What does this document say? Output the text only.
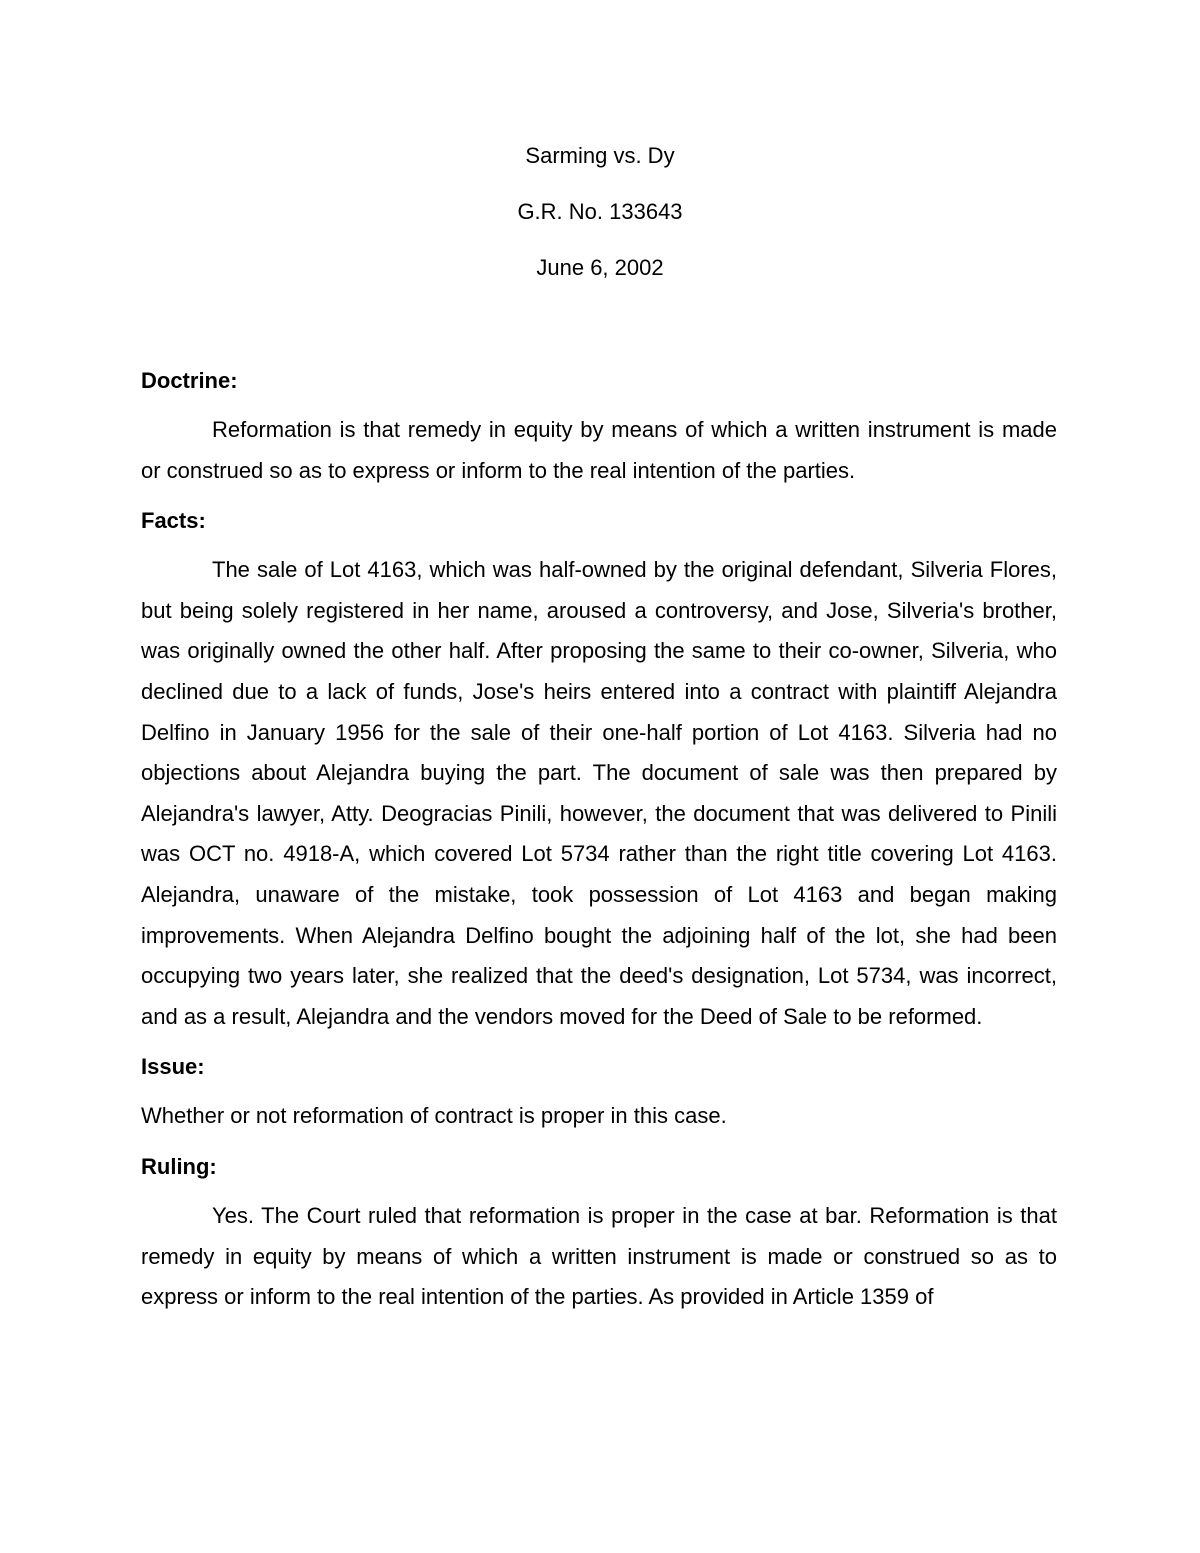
Sarming vs. Dy
G.R. No. 133643
June 6, 2002
Doctrine:

Reformation is that remedy in equity by means of which a written instrument is made or construed so as to express or inform to the real intention of the parties.

Facts:

The sale of Lot 4163, which was half-owned by the original defendant, Silveria Flores, but being solely registered in her name, aroused a controversy, and Jose, Silveria's brother, was originally owned the other half. After proposing the same to their co-owner, Silveria, who declined due to a lack of funds, Jose's heirs entered into a contract with plaintiff Alejandra Delfino in January 1956 for the sale of their one-half portion of Lot 4163. Silveria had no objections about Alejandra buying the part. The document of sale was then prepared by Alejandra's lawyer, Atty. Deogracias Pinili, however, the document that was delivered to Pinili was OCT no. 4918-A, which covered Lot 5734 rather than the right title covering Lot 4163. Alejandra, unaware of the mistake, took possession of Lot 4163 and began making improvements. When Alejandra Delfino bought the adjoining half of the lot, she had been occupying two years later, she realized that the deed's designation, Lot 5734, was incorrect, and as a result, Alejandra and the vendors moved for the Deed of Sale to be reformed.

Issue:

Whether or not reformation of contract is proper in this case.

Ruling:

Yes. The Court ruled that reformation is proper in the case at bar. Reformation is that remedy in equity by means of which a written instrument is made or construed so as to express or inform to the real intention of the parties. As provided in Article 1359 of
